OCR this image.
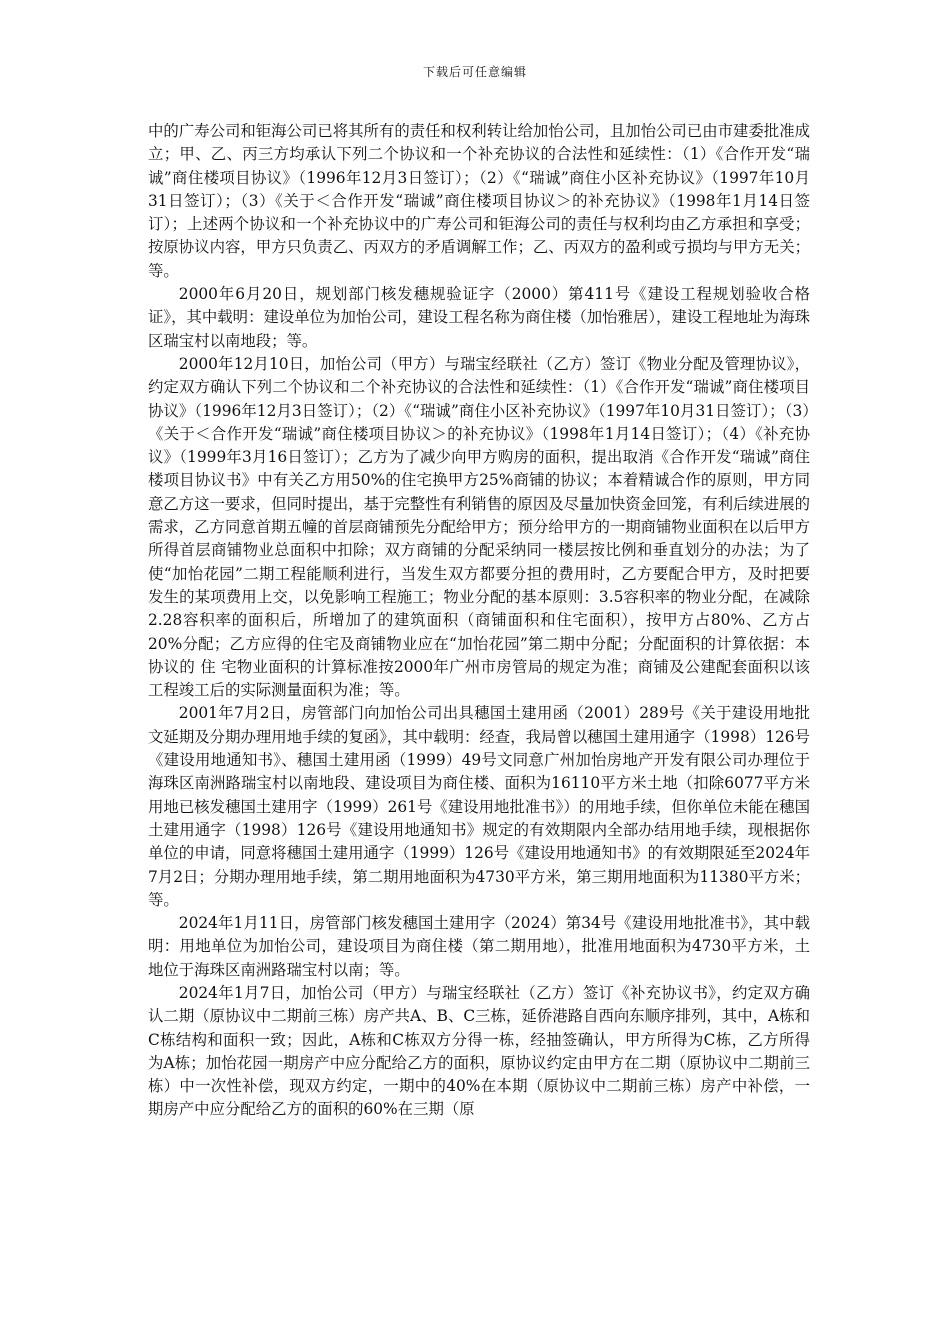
下载后可任意编辑

中的广寿公司和钜海公司已将其所有的责任和权利转让给加怡公司，且加怡公司已由市建委批准成立；甲、乙、丙三方均承认下列二个协议和一个补充协议的合法性和延续性：（1）《合作开发“瑞诚”商住楼项目协议》（1996年12月3日签订）；（2）《“瑞诚”商住小区补充协议》（1997年10月31日签订）；（3）《关于＜合作开发“瑞诚”商住楼项目协议＞的补充协议》（1998年1月14日签订）；上述两个协议和一个补充协议中的广寿公司和钜海公司的责任与权利均由乙方承担和享受；按原协议内容，甲方只负责乙、丙双方的矛盾调解工作；乙、丙双方的盈利或亏损均与甲方无关；等。

2000年6月20日，规划部门核发穗规验证字（2000）第411号《建设工程规划验收合格证》，其中载明：建设单位为加怡公司，建设工程名称为商住楼（加怡雅居），建设工程地址为海珠区瑞宝村以南地段；等。

2000年12月10日，加怡公司（甲方）与瑞宝经联社（乙方）签订《物业分配及管理协议》，约定双方确认下列二个协议和二个补充协议的合法性和延续性：（1）《合作开发“瑞诚”商住楼项目协议》（1996年12月3日签订）；（2）《“瑞诚”商住小区补充协议》（1997年10月31日签订）；（3）《关于＜合作开发“瑞诚”商住楼项目协议＞的补充协议》（1998年1月14日签订）；（4）《补充协议》（1999年3月16日签订）；乙方为了减少向甲方购房的面积，提出取消《合作开发“瑞诚”商住楼项目协议书》中有关乙方用50%的住宅换甲方25%商铺的协议；本着精诚合作的原则，甲方同意乙方这一要求，但同时提出，基于完整性有利销售的原因及尽量加快资金回笼，有利后续进展的需求，乙方同意首期五幢的首层商铺预先分配给甲方；预分给甲方的一期商铺物业面积在以后甲方所得首层商铺物业总面积中扣除；双方商铺的分配采纳同一楼层按比例和垂直划分的办法；为了使“加怡花园”二期工程能顺利进行，当发生双方都要分担的费用时，乙方要配合甲方，及时把要发生的某项费用上交，以免影响工程施工；物业分配的基本原则：3.5容积率的物业分配，在减除2.28容积率的面积后，所增加了的建筑面积（商铺面积和住宅面积），按甲方占80%、乙方占20%分配；乙方应得的住宅及商铺物业应在“加怡花园”第二期中分配；分配面积的计算依据：本协议的 住 宅物业面积的计算标准按2000年广州市房管局的规定为准；商铺及公建配套面积以该工程竣工后的实际测量面积为准；等。

2001年7月2日，房管部门向加怡公司出具穗国土建用函（2001）289号《关于建设用地批文延期及分期办理用地手续的复函》，其中载明：经查，我局曾以穗国土建用通字（1998）126号《建设用地通知书》、穗国土建用函（1999）49号文同意广州加怡房地产开发有限公司办理位于海珠区南洲路瑞宝村以南地段、建设项目为商住楼、面积为16110平方米土地（扣除6077平方米用地已核发穗国土建用字（1999）261号《建设用地批准书》）的用地手续，但你单位未能在穗国土建用通字（1998）126号《建设用地通知书》规定的有效期限内全部办结用地手续，现根据你单位的申请，同意将穗国土建用通字（1999）126号《建设用地通知书》的有效期限延至2024年7月2日；分期办理用地手续，第二期用地面积为4730平方米，第三期用地面积为11380平方米；等。

2024年1月11日，房管部门核发穗国土建用字（2024）第34号《建设用地批准书》，其中载明：用地单位为加怡公司，建设项目为商住楼（第二期用地），批准用地面积为4730平方米，土地位于海珠区南洲路瑞宝村以南；等。

2024年1月7日，加怡公司（甲方）与瑞宝经联社（乙方）签订《补充协议书》，约定双方确认二期（原协议中二期前三栋）房产共A、B、C三栋，延侨港路自西向东顺序排列，其中，A栋和C栋结构和面积一致；因此，A栋和C栋双方分得一栋，经抽签确认，甲方所得为C栋，乙方所得为A栋；加怡花园一期房产中应分配给乙方的面积，原协议约定由甲方在二期（原协议中二期前三栋）中一次性补偿，现双方约定，一期中的40%在本期（原协议中二期前三栋）房产中补偿，一期房产中应分配给乙方的面积的60%在三期（原
